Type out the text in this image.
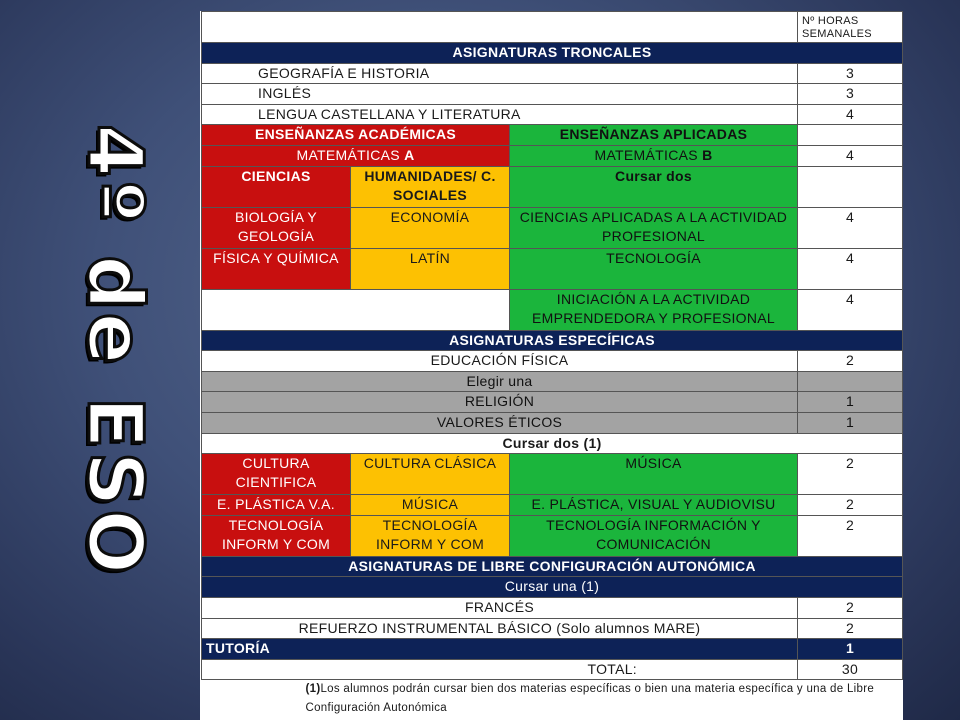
4º de ESO
			Nº HORAS SEMANALES
ASIGNATURAS TRONCALES			
GEOGRAFÍA E HISTORIA			3
INGLÉS			3
LENGUA CASTELLANA Y LITERATURA			4
ENSEÑANZAS ACADÉMICAS		ENSEÑANZAS APLICADAS	
MATEMÁTICAS A		MATEMÁTICAS B	4
CIENCIAS	HUMANIDADES/ C. SOCIALES	Cursar dos	
BIOLOGÍA Y GEOLOGÍA	ECONOMÍA	CIENCIAS APLICADAS A LA ACTIVIDAD PROFESIONAL	4
FÍSICA Y QUÍMICA	LATÍN	TECNOLOGÍA	4
		INICIACIÓN A LA ACTIVIDAD EMPRENDEDORA Y PROFESIONAL	4
ASIGNATURAS ESPECÍFICAS			
EDUCACIÓN FÍSICA			2
Elegir una			
RELIGIÓN			1
VALORES ÉTICOS			1
Cursar dos (1)			
CULTURA CIENTIFICA	CULTURA CLÁSICA	MÚSICA	2
E. PLÁSTICA V.A.	MÚSICA	E. PLÁSTICA, VISUAL Y AUDIOVISU	2
TECNOLOGÍA INFORM Y COM	TECNOLOGÍA INFORM Y COM	TECNOLOGÍA INFORMACIÓN Y COMUNICACIÓN	2
ASIGNATURAS DE LIBRE CONFIGURACIÓN AUTONÓMICA			
Cursar una (1)			
FRANCÉS			2
REFUERZO INSTRUMENTAL BÁSICO (Solo alumnos MARE)			2
TUTORÍA			1
TOTAL:			30
(1)Los alumnos podrán cursar bien dos materias específicas o bien una materia específica y una de Libre Configuración Autonómica			
